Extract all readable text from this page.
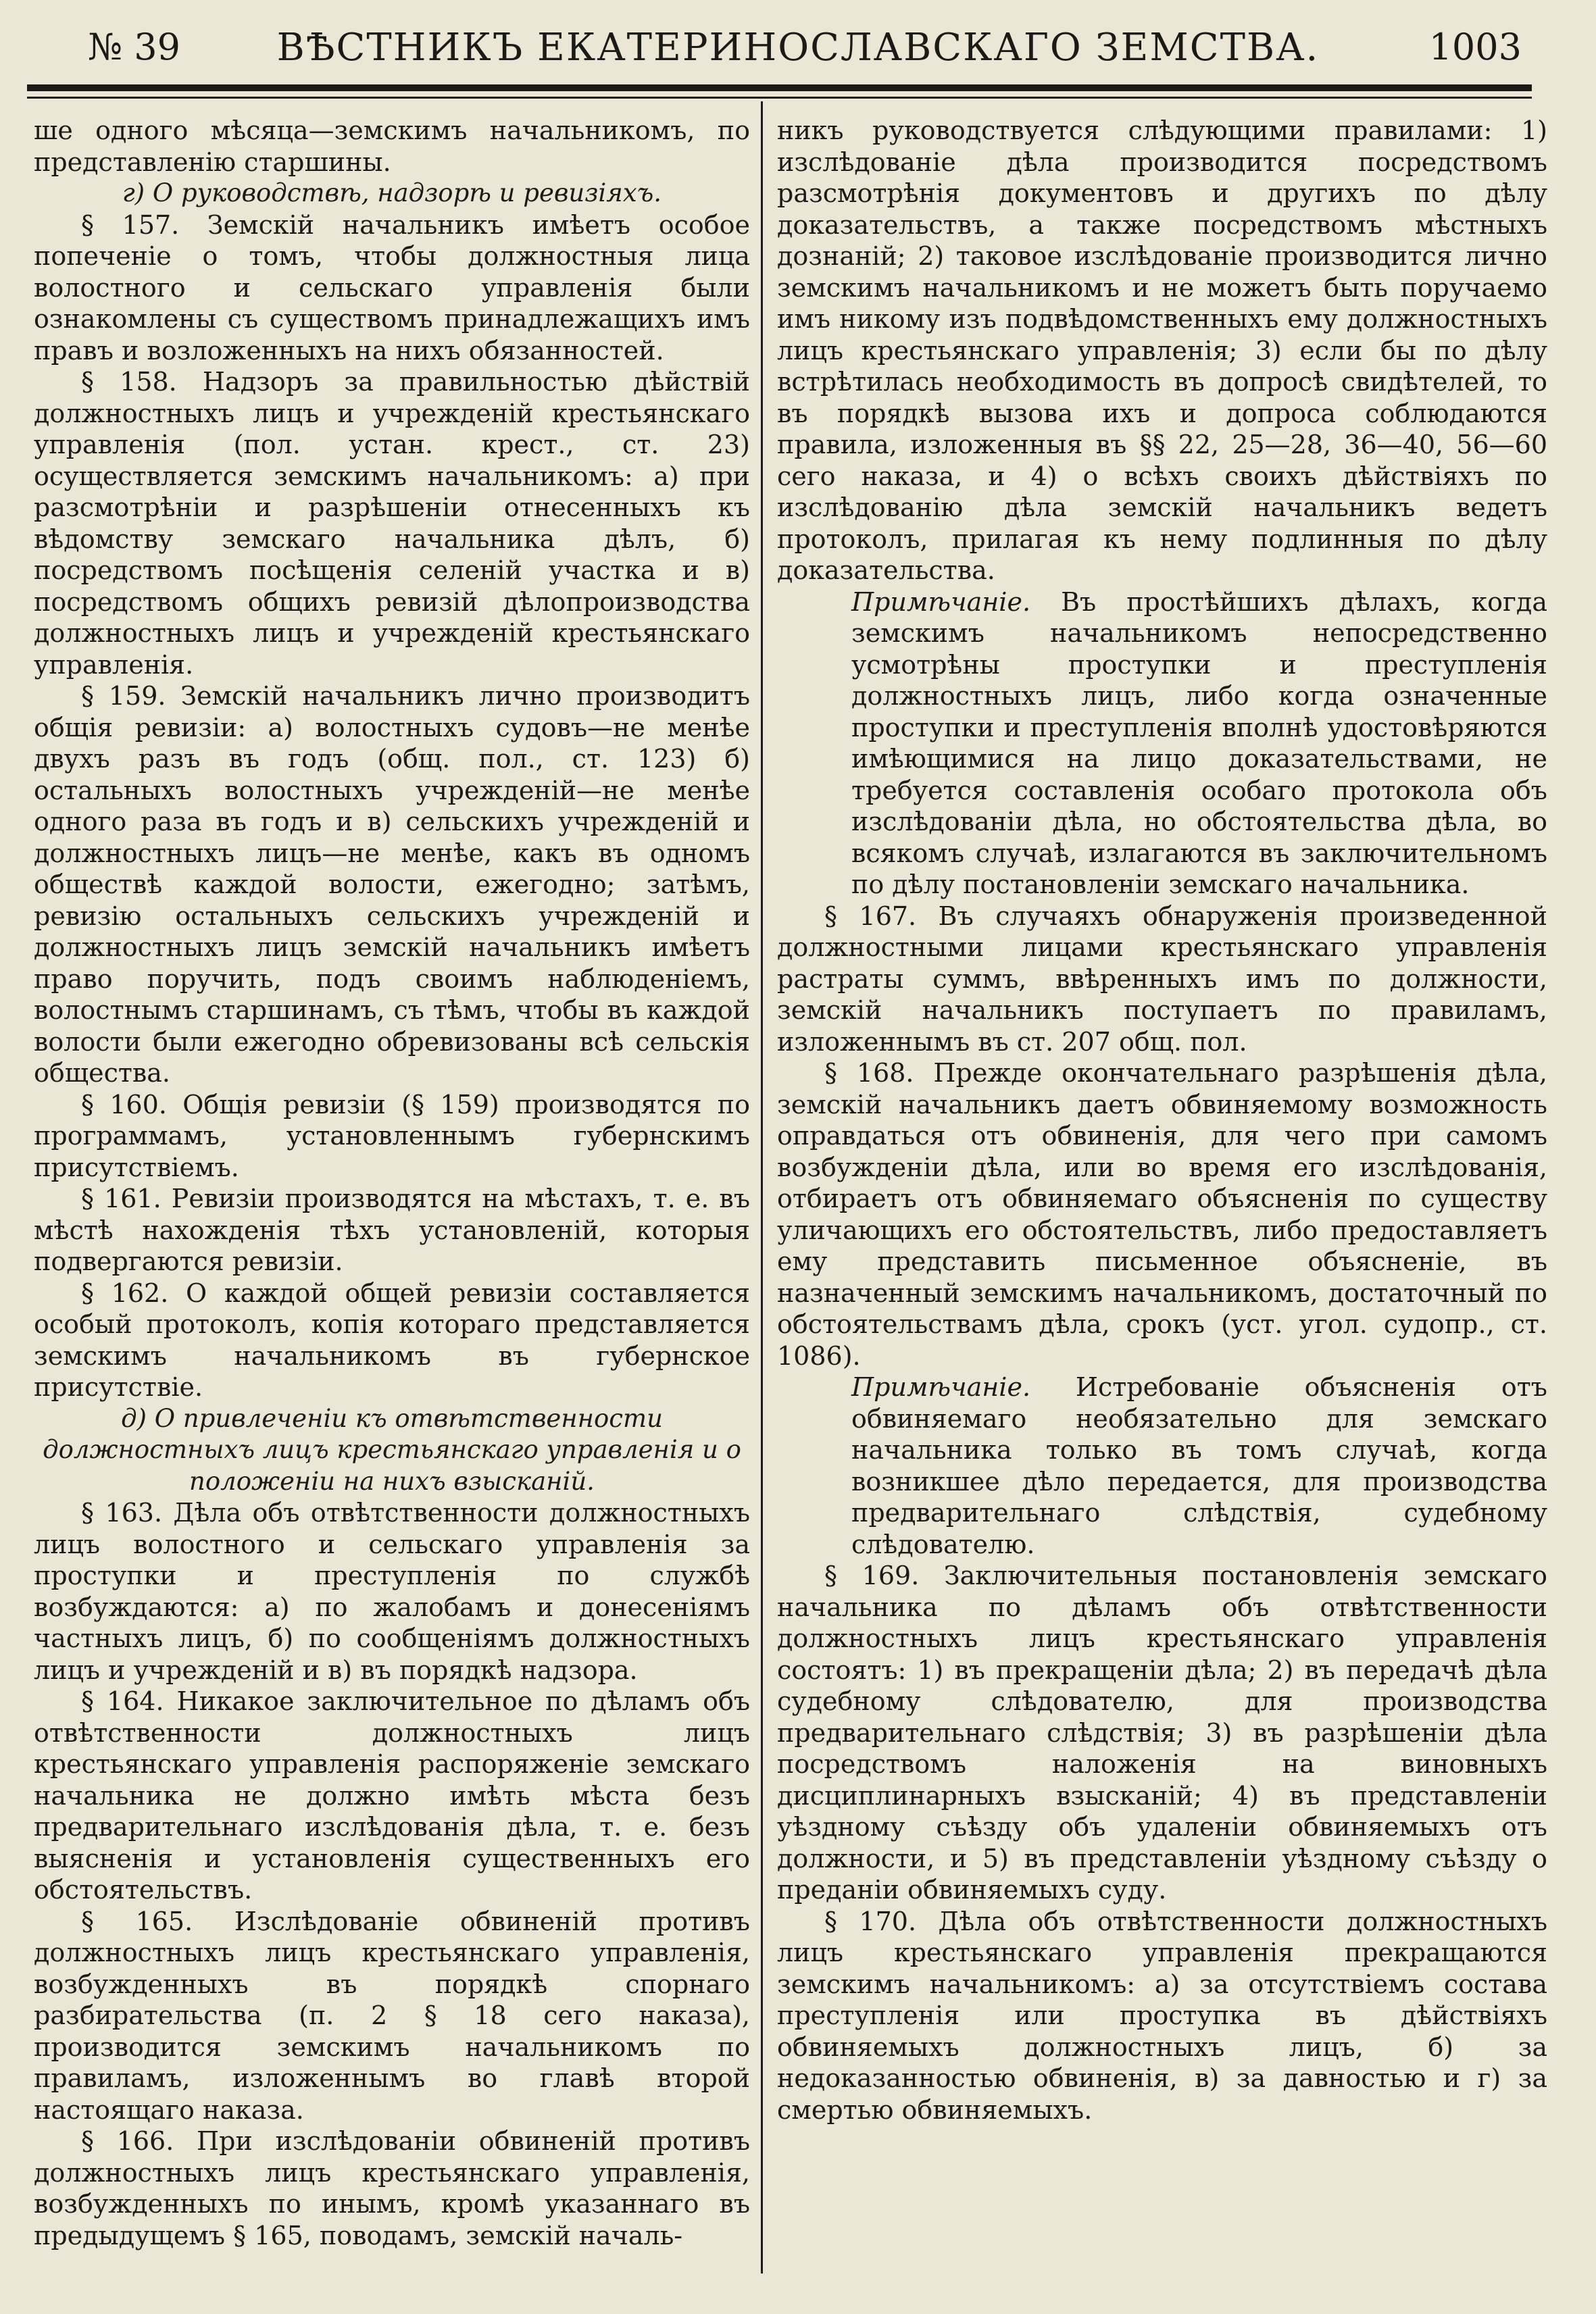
№ 39	ВѢСТНИКЪ ЕКАТЕРИНОСЛАВСКАГО ЗЕМСТВА.	1003

ше одного мѣсяца—земскимъ начальникомъ, по представленію старшины.

г) О руководствѣ, надзорѣ и ревизіяхъ.

§ 157. Земскій начальникъ имѣетъ особое попеченіе о томъ, чтобы должностныя лица волостного и сельскаго управленія были ознакомлены съ существомъ принадлежащихъ имъ правъ и возложенныхъ на нихъ обязанностей.

§ 158. Надзоръ за правильностью дѣйствій должностныхъ лицъ и учрежденій крестьянскаго управленія (пол. устан. крест., ст. 23) осуществляется земскимъ начальникомъ: а) при разсмотрѣніи и разрѣшеніи отнесенныхъ къ вѣдомству земскаго начальника дѣлъ, б) посредствомъ посѣщенія селеній участка и в) посредствомъ общихъ ревизій дѣлопроизводства должностныхъ лицъ и учрежденій крестьянскаго управленія.

§ 159. Земскій начальникъ лично производитъ общія ревизіи: а) волостныхъ судовъ—не менѣе двухъ разъ въ годъ (общ. пол., ст. 123) б) остальныхъ волостныхъ учрежденій—не менѣе одного раза въ годъ и в) сельскихъ учрежденій и должностныхъ лицъ—не менѣе, какъ въ одномъ обществѣ каждой волости, ежегодно; затѣмъ, ревизію остальныхъ сельскихъ учрежденій и должностныхъ лицъ земскій начальникъ имѣетъ право поручить, подъ своимъ наблюденіемъ, волостнымъ старшинамъ, съ тѣмъ, чтобы въ каждой волости были ежегодно обревизованы всѣ сельскія общества.

§ 160. Общія ревизіи (§ 159) производятся по программамъ, установленнымъ губернскимъ присутствіемъ.

§ 161. Ревизіи производятся на мѣстахъ, т. е. въ мѣстѣ нахожденія тѣхъ установленій, которыя подвергаются ревизіи.

§ 162. О каждой общей ревизіи составляется особый протоколъ, копія котораго представляется земскимъ начальникомъ въ губернское присутствіе.

д) О привлеченіи къ отвѣтственности должностныхъ лицъ крестьянскаго управленія и о положеніи на нихъ взысканій.

§ 163. Дѣла объ отвѣтственности должностныхъ лицъ волостного и сельскаго управленія за проступки и преступленія по службѣ возбуждаются: а) по жалобамъ и донесеніямъ частныхъ лицъ, б) по сообщеніямъ должностныхъ лицъ и учрежденій и в) въ порядкѣ надзора.

§ 164. Никакое заключительное по дѣламъ объ отвѣтственности должностныхъ лицъ крестьянскаго управленія распоряженіе земскаго начальника не должно имѣть мѣста безъ предварительнаго изслѣдованія дѣла, т. е. безъ выясненія и установленія существенныхъ его обстоятельствъ.

§ 165. Изслѣдованіе обвиненій противъ должностныхъ лицъ крестьянскаго управленія, возбужденныхъ въ порядкѣ спорнаго разбирательства (п. 2 § 18 сего наказа), производится земскимъ начальникомъ по правиламъ, изложеннымъ во главѣ второй настоящаго наказа.

§ 166. При изслѣдованіи обвиненій противъ должностныхъ лицъ крестьянскаго управленія, возбужденныхъ по инымъ, кромѣ указаннаго въ предыдущемъ § 165, поводамъ, земскій началь-

никъ руководствуется слѣдующими правилами: 1) изслѣдованіе дѣла производится посредствомъ разсмотрѣнія документовъ и другихъ по дѣлу доказательствъ, а также посредствомъ мѣстныхъ дознаній; 2) таковое изслѣдованіе производится лично земскимъ начальникомъ и не можетъ быть поручаемо имъ никому изъ подвѣдомственныхъ ему должностныхъ лицъ крестьянскаго управленія; 3) если бы по дѣлу встрѣтилась необходимость въ допросѣ свидѣтелей, то въ порядкѣ вызова ихъ и допроса соблюдаются правила, изложенныя въ §§ 22, 25—28, 36—40, 56—60 сего наказа, и 4) о всѣхъ своихъ дѣйствіяхъ по изслѣдованію дѣла земскій начальникъ ведетъ протоколъ, прилагая къ нему подлинныя по дѣлу доказательства.

Примѣчаніе. Въ простѣйшихъ дѣлахъ, когда земскимъ начальникомъ непосредственно усмотрѣны проступки и преступленія должностныхъ лицъ, либо когда означенные проступки и преступленія вполнѣ удостовѣряются имѣющимися на лицо доказательствами, не требуется составленія особаго протокола объ изслѣдованіи дѣла, но обстоятельства дѣла, во всякомъ случаѣ, излагаются въ заключительномъ по дѣлу постановленіи земскаго начальника.

§ 167. Въ случаяхъ обнаруженія произведенной должностными лицами крестьянскаго управленія растраты суммъ, ввѣренныхъ имъ по должности, земскій начальникъ поступаетъ по правиламъ, изложеннымъ въ ст. 207 общ. пол.

§ 168. Прежде окончательнаго разрѣшенія дѣла, земскій начальникъ даетъ обвиняемому возможность оправдаться отъ обвиненія, для чего при самомъ возбужденіи дѣла, или во время его изслѣдованія, отбираетъ отъ обвиняемаго объясненія по существу уличающихъ его обстоятельствъ, либо предоставляетъ ему представить письменное объясненіе, въ назначенный земскимъ начальникомъ, достаточный по обстоятельствамъ дѣла, срокъ (уст. угол. судопр., ст. 1086).

Примѣчаніе. Истребованіе объясненія отъ обвиняемаго необязательно для земскаго начальника только въ томъ случаѣ, когда возникшее дѣло передается, для производства предварительнаго слѣдствія, судебному слѣдователю.

§ 169. Заключительныя постановленія земскаго начальника по дѣламъ объ отвѣтственности должностныхъ лицъ крестьянскаго управленія состоятъ: 1) въ прекращеніи дѣла; 2) въ передачѣ дѣла судебному слѣдователю, для производства предварительнаго слѣдствія; 3) въ разрѣшеніи дѣла посредствомъ наложенія на виновныхъ дисциплинарныхъ взысканій; 4) въ представленіи уѣздному съѣзду объ удаленіи обвиняемыхъ отъ должности, и 5) въ представленіи уѣздному съѣзду о преданіи обвиняемыхъ суду.

§ 170. Дѣла объ отвѣтственности должностныхъ лицъ крестьянскаго управленія прекращаются земскимъ начальникомъ: а) за отсутствіемъ состава преступленія или проступка въ дѣйствіяхъ обвиняемыхъ должностныхъ лицъ, б) за недоказанностью обвиненія, в) за давностью и г) за смертью обвиняемыхъ.
